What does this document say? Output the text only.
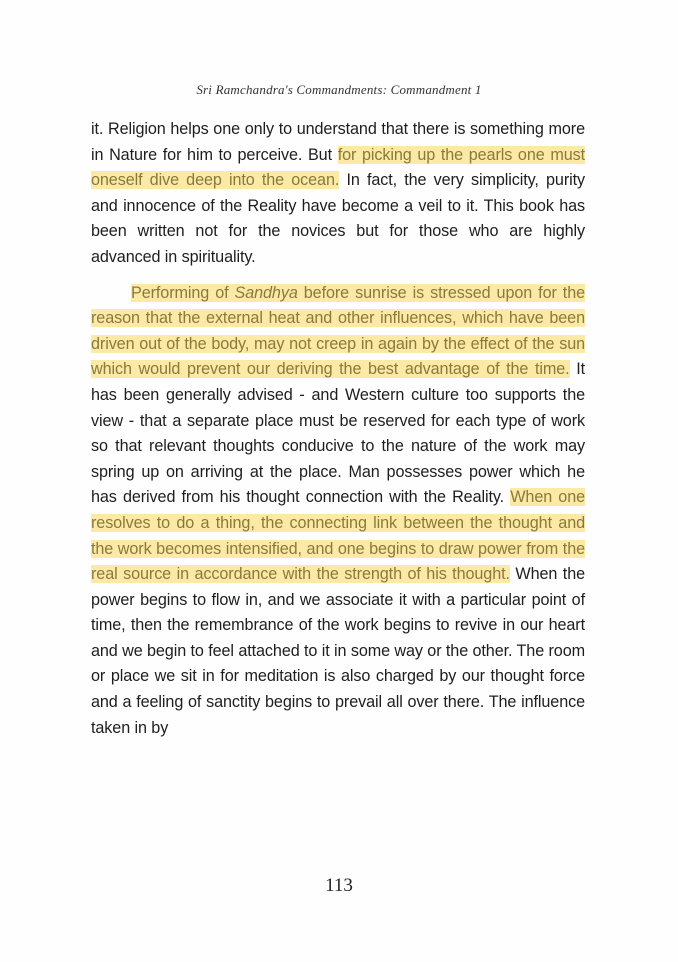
Sri Ramchandra's Commandments: Commandment 1

it. Religion helps one only to understand that there is something more in Nature for him to perceive. But for picking up the pearls one must oneself dive deep into the ocean. In fact, the very simplicity, purity and innocence of the Reality have become a veil to it. This book has been written not for the novices but for those who are highly advanced in spirituality.

Performing of Sandhya before sunrise is stressed upon for the reason that the external heat and other influences, which have been driven out of the body, may not creep in again by the effect of the sun which would prevent our deriving the best advantage of the time. It has been generally advised - and Western culture too supports the view - that a separate place must be reserved for each type of work so that relevant thoughts conducive to the nature of the work may spring up on arriving at the place. Man possesses power which he has derived from his thought connection with the Reality. When one resolves to do a thing, the connecting link between the thought and the work becomes intensified, and one begins to draw power from the real source in accordance with the strength of his thought. When the power begins to flow in, and we associate it with a particular point of time, then the remembrance of the work begins to revive in our heart and we begin to feel attached to it in some way or the other. The room or place we sit in for meditation is also charged by our thought force and a feeling of sanctity begins to prevail all over there. The influence taken in by

113
